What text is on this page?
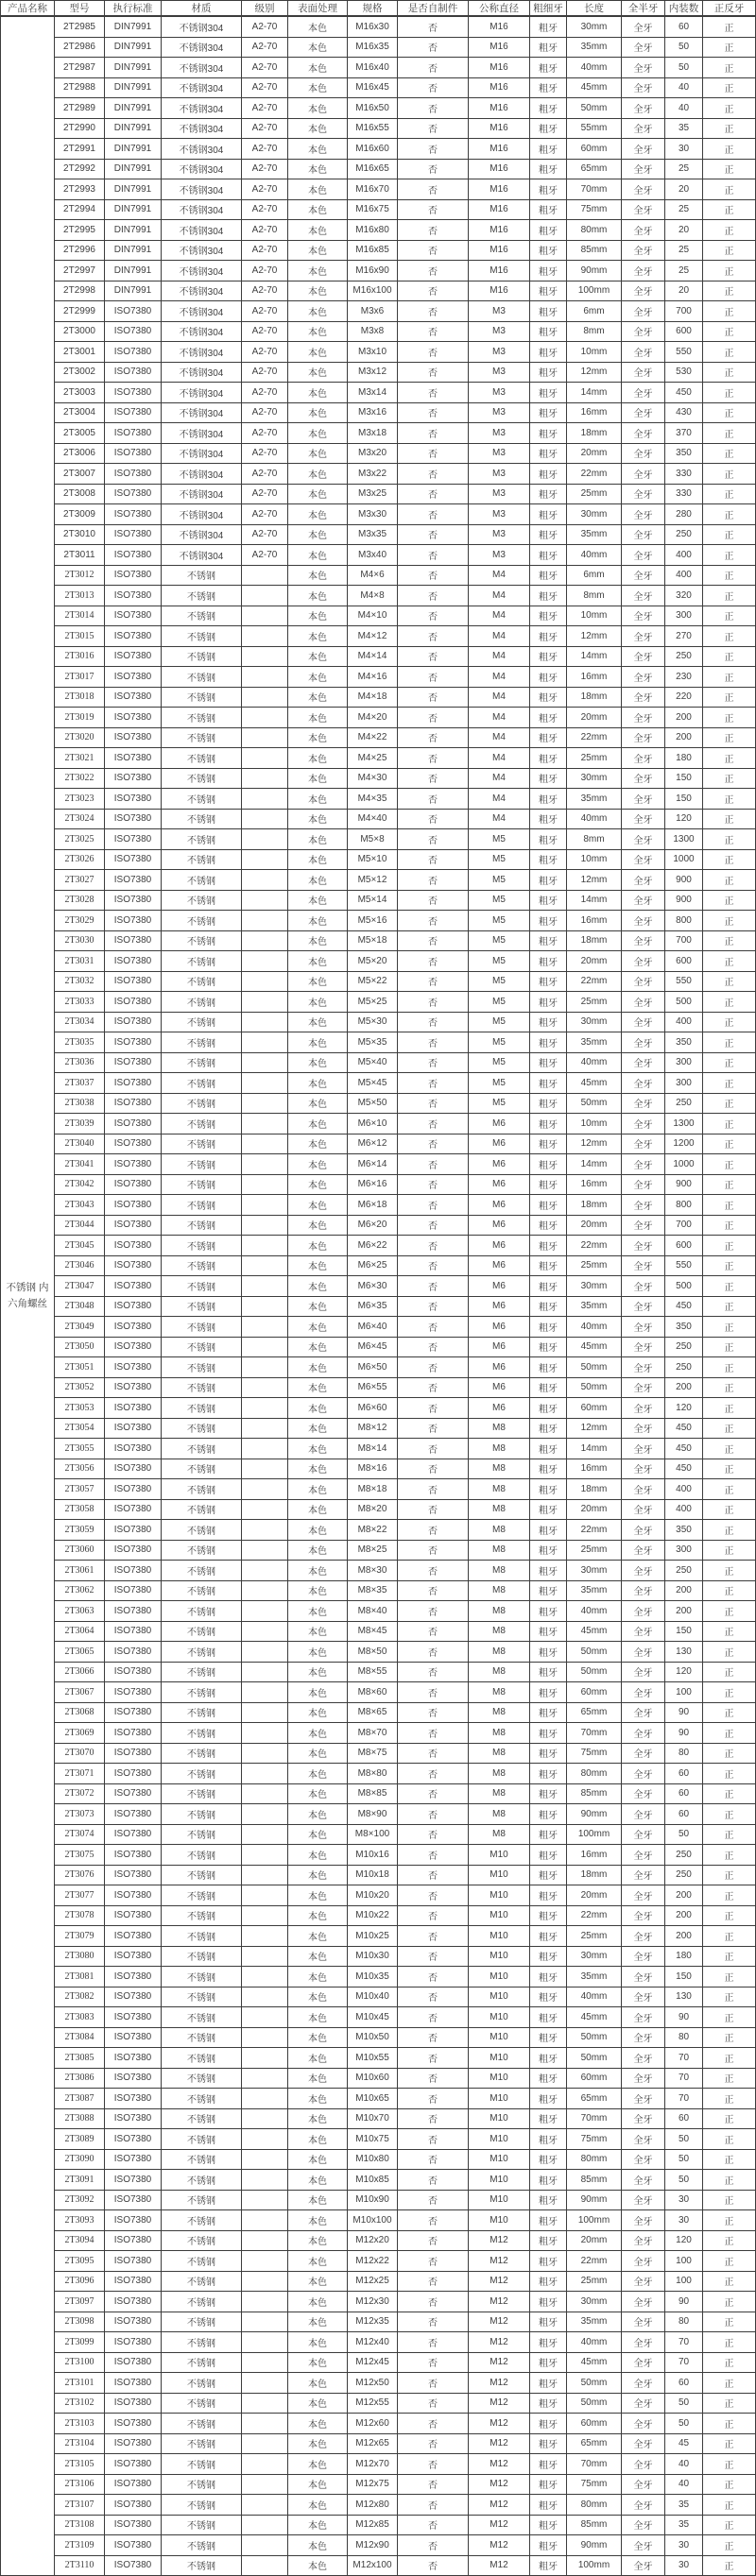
产品名称	型号	执行标准	材质	级别	表面处理	规格	是否自制件	公称直径	粗细牙	长度	全半牙	内装数	正反牙
不锈钢 内六角螺丝	2T2985	DIN7991	不锈钢304	A2-70	本色	M16x30	否	M16	粗牙	30mm	全牙	60	正
	2T2986	DIN7991	不锈钢304	A2-70	本色	M16x35	否	M16	粗牙	35mm	全牙	50	正
	2T2987	DIN7991	不锈钢304	A2-70	本色	M16x40	否	M16	粗牙	40mm	全牙	50	正
	2T2988	DIN7991	不锈钢304	A2-70	本色	M16x45	否	M16	粗牙	45mm	全牙	40	正
	2T2989	DIN7991	不锈钢304	A2-70	本色	M16x50	否	M16	粗牙	50mm	全牙	40	正
	2T2990	DIN7991	不锈钢304	A2-70	本色	M16x55	否	M16	粗牙	55mm	全牙	35	正
	2T2991	DIN7991	不锈钢304	A2-70	本色	M16x60	否	M16	粗牙	60mm	全牙	30	正
	2T2992	DIN7991	不锈钢304	A2-70	本色	M16x65	否	M16	粗牙	65mm	全牙	25	正
	2T2993	DIN7991	不锈钢304	A2-70	本色	M16x70	否	M16	粗牙	70mm	全牙	20	正
	2T2994	DIN7991	不锈钢304	A2-70	本色	M16x75	否	M16	粗牙	75mm	全牙	25	正
	2T2995	DIN7991	不锈钢304	A2-70	本色	M16x80	否	M16	粗牙	80mm	全牙	20	正
	2T2996	DIN7991	不锈钢304	A2-70	本色	M16x85	否	M16	粗牙	85mm	全牙	25	正
	2T2997	DIN7991	不锈钢304	A2-70	本色	M16x90	否	M16	粗牙	90mm	全牙	25	正
	2T2998	DIN7991	不锈钢304	A2-70	本色	M16x100	否	M16	粗牙	100mm	全牙	20	正
	2T2999	ISO7380	不锈钢304	A2-70	本色	M3x6	否	M3	粗牙	6mm	全牙	700	正
	2T3000	ISO7380	不锈钢304	A2-70	本色	M3x8	否	M3	粗牙	8mm	全牙	600	正
	2T3001	ISO7380	不锈钢304	A2-70	本色	M3x10	否	M3	粗牙	10mm	全牙	550	正
	2T3002	ISO7380	不锈钢304	A2-70	本色	M3x12	否	M3	粗牙	12mm	全牙	530	正
	2T3003	ISO7380	不锈钢304	A2-70	本色	M3x14	否	M3	粗牙	14mm	全牙	450	正
	2T3004	ISO7380	不锈钢304	A2-70	本色	M3x16	否	M3	粗牙	16mm	全牙	430	正
	2T3005	ISO7380	不锈钢304	A2-70	本色	M3x18	否	M3	粗牙	18mm	全牙	370	正
	2T3006	ISO7380	不锈钢304	A2-70	本色	M3x20	否	M3	粗牙	20mm	全牙	350	正
	2T3007	ISO7380	不锈钢304	A2-70	本色	M3x22	否	M3	粗牙	22mm	全牙	330	正
	2T3008	ISO7380	不锈钢304	A2-70	本色	M3x25	否	M3	粗牙	25mm	全牙	330	正
	2T3009	ISO7380	不锈钢304	A2-70	本色	M3x30	否	M3	粗牙	30mm	全牙	280	正
	2T3010	ISO7380	不锈钢304	A2-70	本色	M3x35	否	M3	粗牙	35mm	全牙	250	正
	2T3011	ISO7380	不锈钢304	A2-70	本色	M3x40	否	M3	粗牙	40mm	全牙	400	正
	2T3012	ISO7380	不锈钢		本色	M4×6	否	M4	粗牙	6mm	全牙	400	正
	2T3013	ISO7380	不锈钢		本色	M4×8	否	M4	粗牙	8mm	全牙	320	正
	2T3014	ISO7380	不锈钢		本色	M4×10	否	M4	粗牙	10mm	全牙	300	正
	2T3015	ISO7380	不锈钢		本色	M4×12	否	M4	粗牙	12mm	全牙	270	正
	2T3016	ISO7380	不锈钢		本色	M4×14	否	M4	粗牙	14mm	全牙	250	正
	2T3017	ISO7380	不锈钢		本色	M4×16	否	M4	粗牙	16mm	全牙	230	正
	2T3018	ISO7380	不锈钢		本色	M4×18	否	M4	粗牙	18mm	全牙	220	正
	2T3019	ISO7380	不锈钢		本色	M4×20	否	M4	粗牙	20mm	全牙	200	正
	2T3020	ISO7380	不锈钢		本色	M4×22	否	M4	粗牙	22mm	全牙	200	正
	2T3021	ISO7380	不锈钢		本色	M4×25	否	M4	粗牙	25mm	全牙	180	正
	2T3022	ISO7380	不锈钢		本色	M4×30	否	M4	粗牙	30mm	全牙	150	正
	2T3023	ISO7380	不锈钢		本色	M4×35	否	M4	粗牙	35mm	全牙	150	正
	2T3024	ISO7380	不锈钢		本色	M4×40	否	M4	粗牙	40mm	全牙	120	正
	2T3025	ISO7380	不锈钢		本色	M5×8	否	M5	粗牙	8mm	全牙	1300	正
	2T3026	ISO7380	不锈钢		本色	M5×10	否	M5	粗牙	10mm	全牙	1000	正
	2T3027	ISO7380	不锈钢		本色	M5×12	否	M5	粗牙	12mm	全牙	900	正
	2T3028	ISO7380	不锈钢		本色	M5×14	否	M5	粗牙	14mm	全牙	900	正
	2T3029	ISO7380	不锈钢		本色	M5×16	否	M5	粗牙	16mm	全牙	800	正
	2T3030	ISO7380	不锈钢		本色	M5×18	否	M5	粗牙	18mm	全牙	700	正
	2T3031	ISO7380	不锈钢		本色	M5×20	否	M5	粗牙	20mm	全牙	600	正
	2T3032	ISO7380	不锈钢		本色	M5×22	否	M5	粗牙	22mm	全牙	550	正
	2T3033	ISO7380	不锈钢		本色	M5×25	否	M5	粗牙	25mm	全牙	500	正
	2T3034	ISO7380	不锈钢		本色	M5×30	否	M5	粗牙	30mm	全牙	400	正
	2T3035	ISO7380	不锈钢		本色	M5×35	否	M5	粗牙	35mm	全牙	350	正
	2T3036	ISO7380	不锈钢		本色	M5×40	否	M5	粗牙	40mm	全牙	300	正
	2T3037	ISO7380	不锈钢		本色	M5×45	否	M5	粗牙	45mm	全牙	300	正
	2T3038	ISO7380	不锈钢		本色	M5×50	否	M5	粗牙	50mm	全牙	250	正
	2T3039	ISO7380	不锈钢		本色	M6×10	否	M6	粗牙	10mm	全牙	1300	正
	2T3040	ISO7380	不锈钢		本色	M6×12	否	M6	粗牙	12mm	全牙	1200	正
	2T3041	ISO7380	不锈钢		本色	M6×14	否	M6	粗牙	14mm	全牙	1000	正
	2T3042	ISO7380	不锈钢		本色	M6×16	否	M6	粗牙	16mm	全牙	900	正
	2T3043	ISO7380	不锈钢		本色	M6×18	否	M6	粗牙	18mm	全牙	800	正
	2T3044	ISO7380	不锈钢		本色	M6×20	否	M6	粗牙	20mm	全牙	700	正
	2T3045	ISO7380	不锈钢		本色	M6×22	否	M6	粗牙	22mm	全牙	600	正
	2T3046	ISO7380	不锈钢		本色	M6×25	否	M6	粗牙	25mm	全牙	550	正
	2T3047	ISO7380	不锈钢		本色	M6×30	否	M6	粗牙	30mm	全牙	500	正
	2T3048	ISO7380	不锈钢		本色	M6×35	否	M6	粗牙	35mm	全牙	450	正
	2T3049	ISO7380	不锈钢		本色	M6×40	否	M6	粗牙	40mm	全牙	350	正
	2T3050	ISO7380	不锈钢		本色	M6×45	否	M6	粗牙	45mm	全牙	250	正
	2T3051	ISO7380	不锈钢		本色	M6×50	否	M6	粗牙	50mm	全牙	250	正
	2T3052	ISO7380	不锈钢		本色	M6×55	否	M6	粗牙	50mm	全牙	200	正
	2T3053	ISO7380	不锈钢		本色	M6×60	否	M6	粗牙	60mm	全牙	120	正
	2T3054	ISO7380	不锈钢		本色	M8×12	否	M8	粗牙	12mm	全牙	450	正
	2T3055	ISO7380	不锈钢		本色	M8×14	否	M8	粗牙	14mm	全牙	450	正
	2T3056	ISO7380	不锈钢		本色	M8×16	否	M8	粗牙	16mm	全牙	450	正
	2T3057	ISO7380	不锈钢		本色	M8×18	否	M8	粗牙	18mm	全牙	400	正
	2T3058	ISO7380	不锈钢		本色	M8×20	否	M8	粗牙	20mm	全牙	400	正
	2T3059	ISO7380	不锈钢		本色	M8×22	否	M8	粗牙	22mm	全牙	350	正
	2T3060	ISO7380	不锈钢		本色	M8×25	否	M8	粗牙	25mm	全牙	300	正
	2T3061	ISO7380	不锈钢		本色	M8×30	否	M8	粗牙	30mm	全牙	250	正
	2T3062	ISO7380	不锈钢		本色	M8×35	否	M8	粗牙	35mm	全牙	200	正
	2T3063	ISO7380	不锈钢		本色	M8×40	否	M8	粗牙	40mm	全牙	200	正
	2T3064	ISO7380	不锈钢		本色	M8×45	否	M8	粗牙	45mm	全牙	150	正
	2T3065	ISO7380	不锈钢		本色	M8×50	否	M8	粗牙	50mm	全牙	130	正
	2T3066	ISO7380	不锈钢		本色	M8×55	否	M8	粗牙	50mm	全牙	120	正
	2T3067	ISO7380	不锈钢		本色	M8×60	否	M8	粗牙	60mm	全牙	100	正
	2T3068	ISO7380	不锈钢		本色	M8×65	否	M8	粗牙	65mm	全牙	90	正
	2T3069	ISO7380	不锈钢		本色	M8×70	否	M8	粗牙	70mm	全牙	90	正
	2T3070	ISO7380	不锈钢		本色	M8×75	否	M8	粗牙	75mm	全牙	80	正
	2T3071	ISO7380	不锈钢		本色	M8×80	否	M8	粗牙	80mm	全牙	60	正
	2T3072	ISO7380	不锈钢		本色	M8×85	否	M8	粗牙	85mm	全牙	60	正
	2T3073	ISO7380	不锈钢		本色	M8×90	否	M8	粗牙	90mm	全牙	60	正
	2T3074	ISO7380	不锈钢		本色	M8×100	否	M8	粗牙	100mm	全牙	50	正
	2T3075	ISO7380	不锈钢		本色	M10x16	否	M10	粗牙	16mm	全牙	250	正
	2T3076	ISO7380	不锈钢		本色	M10x18	否	M10	粗牙	18mm	全牙	250	正
	2T3077	ISO7380	不锈钢		本色	M10x20	否	M10	粗牙	20mm	全牙	200	正
	2T3078	ISO7380	不锈钢		本色	M10x22	否	M10	粗牙	22mm	全牙	200	正
	2T3079	ISO7380	不锈钢		本色	M10x25	否	M10	粗牙	25mm	全牙	200	正
	2T3080	ISO7380	不锈钢		本色	M10x30	否	M10	粗牙	30mm	全牙	180	正
	2T3081	ISO7380	不锈钢		本色	M10x35	否	M10	粗牙	35mm	全牙	150	正
	2T3082	ISO7380	不锈钢		本色	M10x40	否	M10	粗牙	40mm	全牙	130	正
	2T3083	ISO7380	不锈钢		本色	M10x45	否	M10	粗牙	45mm	全牙	90	正
	2T3084	ISO7380	不锈钢		本色	M10x50	否	M10	粗牙	50mm	全牙	80	正
	2T3085	ISO7380	不锈钢		本色	M10x55	否	M10	粗牙	50mm	全牙	70	正
	2T3086	ISO7380	不锈钢		本色	M10x60	否	M10	粗牙	60mm	全牙	70	正
	2T3087	ISO7380	不锈钢		本色	M10x65	否	M10	粗牙	65mm	全牙	70	正
	2T3088	ISO7380	不锈钢		本色	M10x70	否	M10	粗牙	70mm	全牙	60	正
	2T3089	ISO7380	不锈钢		本色	M10x75	否	M10	粗牙	75mm	全牙	50	正
	2T3090	ISO7380	不锈钢		本色	M10x80	否	M10	粗牙	80mm	全牙	50	正
	2T3091	ISO7380	不锈钢		本色	M10x85	否	M10	粗牙	85mm	全牙	50	正
	2T3092	ISO7380	不锈钢		本色	M10x90	否	M10	粗牙	90mm	全牙	30	正
	2T3093	ISO7380	不锈钢		本色	M10x100	否	M10	粗牙	100mm	全牙	30	正
	2T3094	ISO7380	不锈钢		本色	M12x20	否	M12	粗牙	20mm	全牙	120	正
	2T3095	ISO7380	不锈钢		本色	M12x22	否	M12	粗牙	22mm	全牙	100	正
	2T3096	ISO7380	不锈钢		本色	M12x25	否	M12	粗牙	25mm	全牙	100	正
	2T3097	ISO7380	不锈钢		本色	M12x30	否	M12	粗牙	30mm	全牙	90	正
	2T3098	ISO7380	不锈钢		本色	M12x35	否	M12	粗牙	35mm	全牙	80	正
	2T3099	ISO7380	不锈钢		本色	M12x40	否	M12	粗牙	40mm	全牙	70	正
	2T3100	ISO7380	不锈钢		本色	M12x45	否	M12	粗牙	45mm	全牙	70	正
	2T3101	ISO7380	不锈钢		本色	M12x50	否	M12	粗牙	50mm	全牙	60	正
	2T3102	ISO7380	不锈钢		本色	M12x55	否	M12	粗牙	50mm	全牙	50	正
	2T3103	ISO7380	不锈钢		本色	M12x60	否	M12	粗牙	60mm	全牙	50	正
	2T3104	ISO7380	不锈钢		本色	M12x65	否	M12	粗牙	65mm	全牙	45	正
	2T3105	ISO7380	不锈钢		本色	M12x70	否	M12	粗牙	70mm	全牙	40	正
	2T3106	ISO7380	不锈钢		本色	M12x75	否	M12	粗牙	75mm	全牙	40	正
	2T3107	ISO7380	不锈钢		本色	M12x80	否	M12	粗牙	80mm	全牙	35	正
	2T3108	ISO7380	不锈钢		本色	M12x85	否	M12	粗牙	85mm	全牙	35	正
	2T3109	ISO7380	不锈钢		本色	M12x90	否	M12	粗牙	90mm	全牙	30	正
	2T3110	ISO7380	不锈钢		本色	M12x100	否	M12	粗牙	100mm	全牙	30	正
